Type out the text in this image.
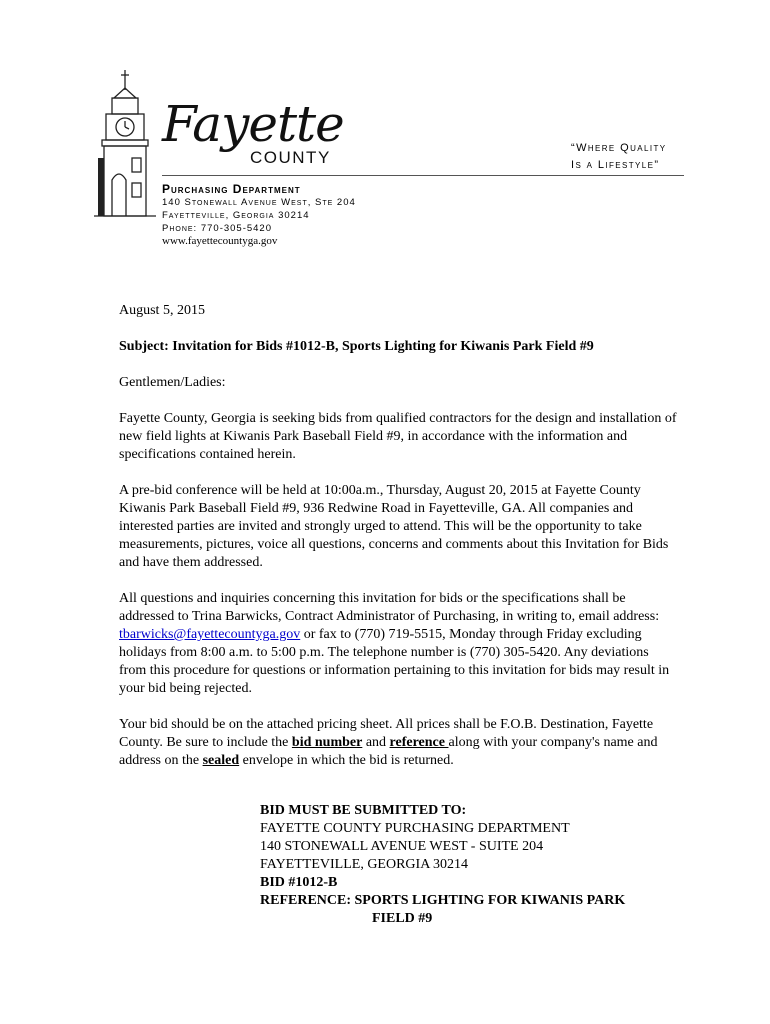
Fayette
COUNTY	“Where Quality
Is a Lifestyle”
Purchasing Department
140 Stonewall Avenue West, Ste 204
Fayetteville, Georgia 30214
Phone: 770-305-5420
www.fayettecountyga.gov

August 5, 2015

Subject: Invitation for Bids #1012-B, Sports Lighting for Kiwanis Park Field #9

Gentlemen/Ladies:

Fayette County, Georgia is seeking bids from qualified contractors for the design and installation of new field lights at Kiwanis Park Baseball Field #9, in accordance with the information and specifications contained herein.

A pre-bid conference will be held at 10:00a.m., Thursday, August 20, 2015 at Fayette County Kiwanis Park Baseball Field #9, 936 Redwine Road in Fayetteville, GA. All companies and interested parties are invited and strongly urged to attend. This will be the opportunity to take measurements, pictures, voice all questions, concerns and comments about this Invitation for Bids and have them addressed.

All questions and inquiries concerning this invitation for bids or the specifications shall be addressed to Trina Barwicks, Contract Administrator of Purchasing, in writing to, email address: tbarwicks@fayettecountyga.gov or fax to (770) 719-5515, Monday through Friday excluding holidays from 8:00 a.m. to 5:00 p.m. The telephone number is (770) 305-5420. Any deviations from this procedure for questions or information pertaining to this invitation for bids may result in your bid being rejected.

Your bid should be on the attached pricing sheet. All prices shall be F.O.B. Destination, Fayette County. Be sure to include the bid number and reference along with your company's name and address on the sealed envelope in which the bid is returned.

BID MUST BE SUBMITTED TO:
FAYETTE COUNTY PURCHASING DEPARTMENT
140 STONEWALL AVENUE WEST - SUITE 204
FAYETTEVILLE, GEORGIA 30214
BID #1012-B
REFERENCE: SPORTS LIGHTING FOR KIWANIS PARK
FIELD #9
